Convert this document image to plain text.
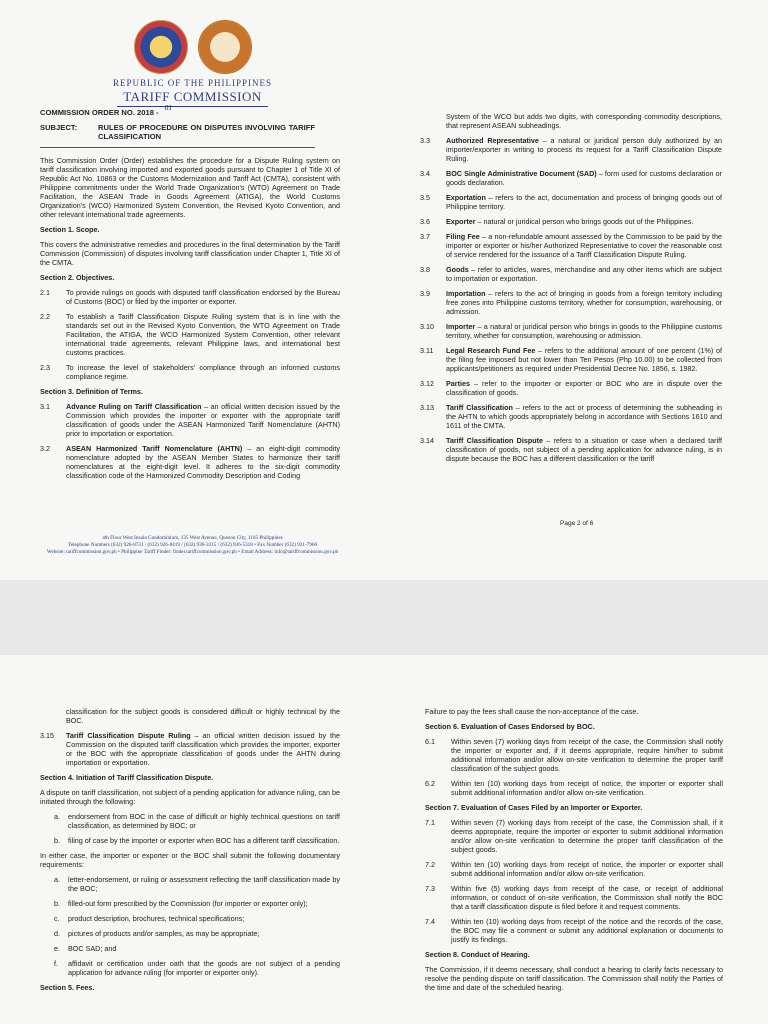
REPUBLIC OF THE PHILIPPINES
TARIFF COMMISSION
COMMISSION ORDER NO. 2018 -01
SUBJECT:	RULES OF PROCEDURE ON DISPUTES INVOLVING TARIFF CLASSIFICATION

This Commission Order (Order) establishes the procedure for a Dispute Ruling system on tariff classification involving imported and exported goods pursuant to Chapter 1 of Title XI of Republic Act No. 10863 or the Customs Modernization and Tariff Act (CMTA), consistent with Philippine commitments under the World Trade Organization's (WTO) Agreement on Trade Facilitation, the ASEAN Trade in Goods Agreement (ATIGA), the World Customs Organization's (WCO) Harmonized System Convention, the Revised Kyoto Convention, and other relevant international trade agreements.

Section 1. Scope.

This covers the administrative remedies and procedures in the final determination by the Tariff Commission (Commission) of disputes involving tariff classification under Chapter 1, Title XI of the CMTA.

Section 2. Objectives.
2.1	To provide rulings on goods with disputed tariff classification endorsed by the Bureau of Customs (BOC) or filed by the importer or exporter.
2.2	To establish a Tariff Classification Dispute Ruling system that is in line with the standards set out in the Revised Kyoto Convention, the WTO Agreement on Trade Facilitation, the ATIGA, the WCO Harmonized System Convention, other relevant international trade agreements, relevant Philippine laws, and international best customs practices.
2.3	To increase the level of stakeholders' compliance through an informed customs compliance regime.
Section 3. Definition of Terms.
3.1	Advance Ruling on Tariff Classification – an official written decision issued by the Commission which provides the importer or exporter with the appropriate tariff classification of goods under the ASEAN Harmonized Tariff Nomenclature (AHTN) prior to importation or exportation.
3.2	ASEAN Harmonized Tariff Nomenclature (AHTN) – an eight-digit commodity nomenclature adopted by the ASEAN Member States to harmonize their tariff nomenclatures at the eight-digit level. It adheres to the six-digit commodity classification code of the Harmonized Commodity Description and Coding

System of the WCO but adds two digits, with corresponding commodity descriptions, that represent ASEAN subheadings.

3.3	Authorized Representative – a natural or juridical person duly authorized by an importer/exporter in writing to process its request for a Tariff Classification Dispute Ruling.
3.4	BOC Single Administrative Document (SAD) – form used for customs declaration or goods declaration.
3.5	Exportation – refers to the act, documentation and process of bringing goods out of Philippine territory.
3.6	Exporter – natural or juridical person who brings goods out of the Philippines.
3.7	Filing Fee – a non-refundable amount assessed by the Commission to be paid by the importer or exporter or his/her Authorized Representative to cover the reasonable cost of service rendered for the issuance of a Tariff Classification Dispute Ruling.
3.8	Goods – refer to articles, wares, merchandise and any other items which are subject to importation or exportation.
3.9	Importation – refers to the act of bringing in goods from a foreign territory including free zones into Philippine customs territory, whether for consumption, warehousing, or admission.
3.10	Importer – a natural or juridical person who brings in goods to the Philippine customs territory, whether for consumption, warehousing or admission.
3.11	Legal Research Fund Fee – refers to the additional amount of one percent (1%) of the filing fee imposed but not lower than Ten Pesos (Php 10.00) to be collected from applicants/petitioners as required under Presidential Decree No. 1856, s. 1982.
3.12	Parties – refer to the importer or exporter or BOC who are in dispute over the classification of goods.
3.13	Tariff Classification – refers to the act or process of determining the subheading in the AHTN to which goods appropriately belong in accordance with Sections 1610 and 1611 of the CMTA.
3.14	Tariff Classification Dispute – refers to a situation or case when a declared tariff classification of goods, not subject of a pending application for advance ruling, is in dispute because the BOC has a different classification or the tariff
Page 2 of 6
4th Floor West Insula Condominium, 135 West Avenue, Quezon City, 1105 Philippines
Telephone Numbers (632) 926-8731 / (632) 926-8419 / (632) 936-3315 / (632) 936-5318 • Fax Number (632) 921-7960
Website: tariffcommission.gov.ph • Philippine Tariff Finder: finder.tariffcommission.gov.ph • Email Address: info@tariffcommission.gov.ph

classification for the subject goods is considered difficult or highly technical by the BOC.

3.15	Tariff Classification Dispute Ruling – an official written decision issued by the Commission on the disputed tariff classification which provides the importer, exporter or the BOC with the appropriate classification of goods under the AHTN during importation or exportation.
Section 4. Initiation of Tariff Classification Dispute.

A dispute on tariff classification, not subject of a pending application for advance ruling, can be initiated through the following:

a.	endorsement from BOC in the case of difficult or highly technical questions on tariff classification, as determined by BOC; or
b.	filing of case by the importer or exporter when BOC has a different tariff classification.

In either case, the importer or exporter or the BOC shall submit the following documentary requirements:

a.	letter-endorsement, or ruling or assessment reflecting the tariff classification made by the BOC;
b.	filled-out form prescribed by the Commission (for importer or exporter only);
c.	product description, brochures, technical specifications;
d.	pictures of products and/or samples, as may be appropriate;
e.	BOC SAD; and
f.	affidavit or certification under oath that the goods are not subject of a pending application for advance ruling (for importer or exporter only).
Section 5. Fees.

Failure to pay the fees shall cause the non-acceptance of the case.

Section 6. Evaluation of Cases Endorsed by BOC.
6.1	Within seven (7) working days from receipt of the case, the Commission shall notify the importer or exporter and, if it deems appropriate, require him/her to submit additional information and/or allow on-site verification to determine the proper tariff classification of the subject goods.
6.2	Within ten (10) working days from receipt of notice, the importer or exporter shall submit additional information and/or allow on-site verification.
Section 7. Evaluation of Cases Filed by an Importer or Exporter.
7.1	Within seven (7) working days from receipt of the case, the Commission shall, if it deems appropriate, require the importer or exporter to submit additional information and/or allow on-site verification to determine the proper tariff classification of the subject goods.
7.2	Within ten (10) working days from receipt of notice, the importer or exporter shall submit additional information and/or allow on-site verification.
7.3	Within five (5) working days from receipt of the case, or receipt of additional information, or conduct of on-site verification, the Commission shall notify the BOC that a tariff classification dispute is filed before it and request comments.
7.4	Within ten (10) working days from receipt of the notice and the records of the case, the BOC may file a comment or submit any additional explanation or documents to justify its findings.
Section 8. Conduct of Hearing.

The Commission, if it deems necessary, shall conduct a hearing to clarify facts necessary to resolve the pending dispute on tariff classification. The Commission shall notify the Parties of the time and date of the scheduled hearing.
